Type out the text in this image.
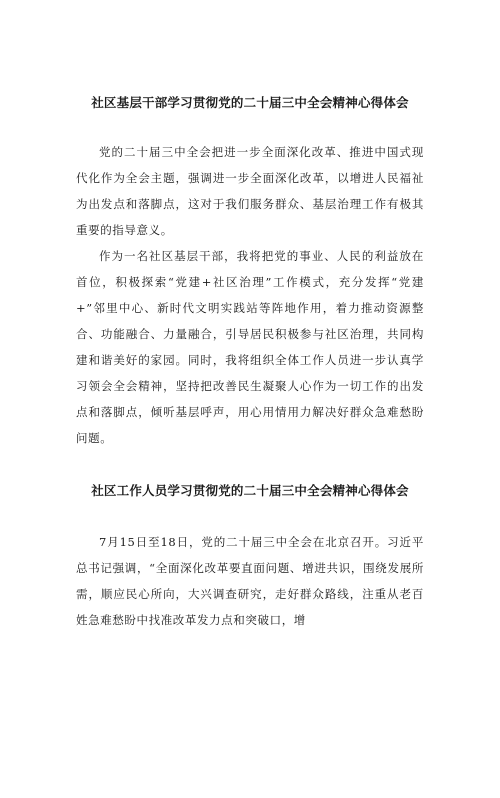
社区基层干部学习贯彻党的二十届三中全会精神心得体会

党的二十届三中全会把进一步全面深化改革、推进中国式现代化作为全会主题，强调进一步全面深化改革，以增进人民福祉为出发点和落脚点，这对于我们服务群众、基层治理工作有极其重要的指导意义。

作为一名社区基层干部，我将把党的事业、人民的利益放在首位，积极探索“党建+社区治理”工作模式，充分发挥“党建+”邻里中心、新时代文明实践站等阵地作用，着力推动资源整合、功能融合、力量融合，引导居民积极参与社区治理，共同构建和谐美好的家园。同时，我将组织全体工作人员进一步认真学习领会全会精神，坚持把改善民生凝聚人心作为一切工作的出发点和落脚点，倾听基层呼声，用心用情用力解决好群众急难愁盼问题。

社区工作人员学习贯彻党的二十届三中全会精神心得体会

7月15日至18日，党的二十届三中全会在北京召开。习近平总书记强调，“全面深化改革要直面问题、增进共识，围绕发展所需，顺应民心所向，大兴调查研究，走好群众路线，注重从老百姓急难愁盼中找准改革发力点和突破口，增
